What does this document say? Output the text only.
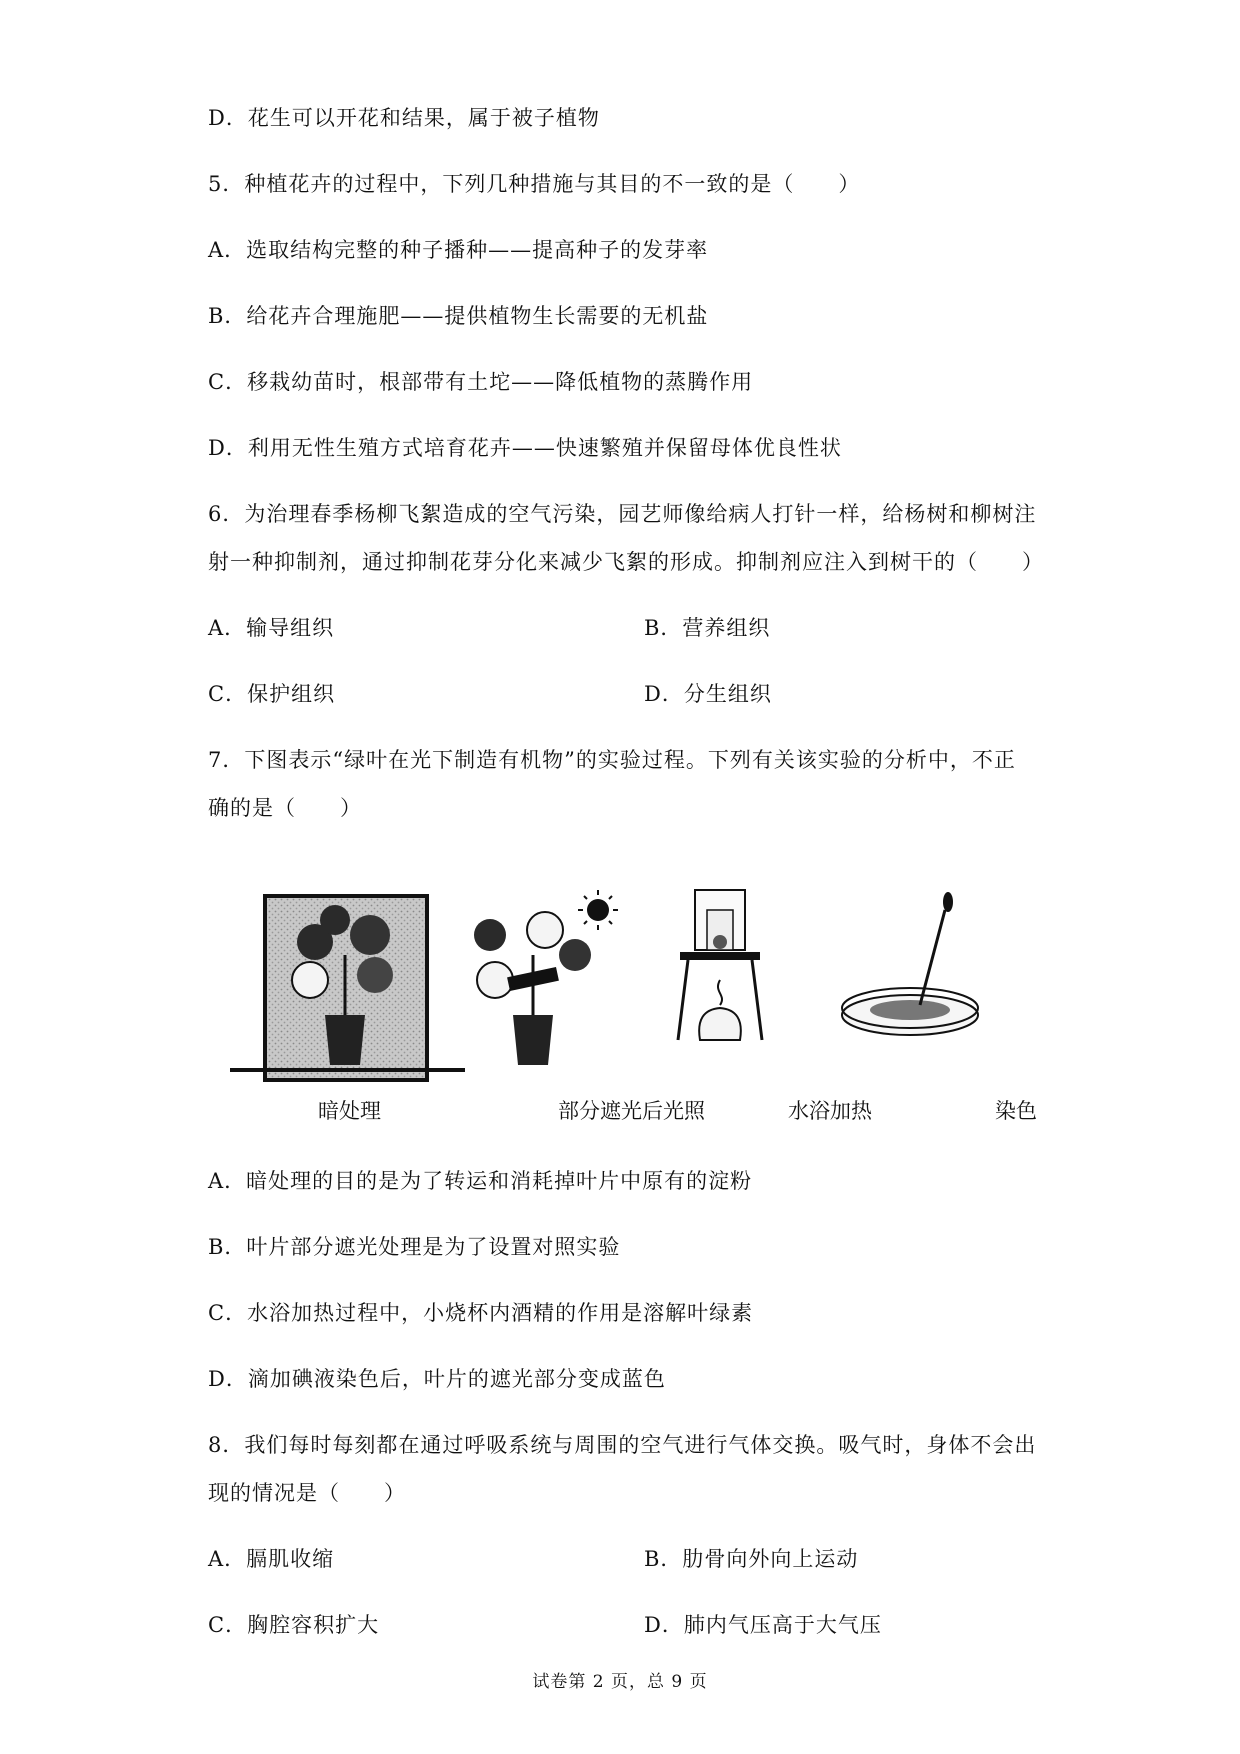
D．花生可以开花和结果，属于被子植物
5．种植花卉的过程中，下列几种措施与其目的不一致的是（　　）
A．选取结构完整的种子播种——提高种子的发芽率
B．给花卉合理施肥——提供植物生长需要的无机盐
C．移栽幼苗时，根部带有土坨——降低植物的蒸腾作用
D．利用无性生殖方式培育花卉——快速繁殖并保留母体优良性状
6．为治理春季杨柳飞絮造成的空气污染，园艺师像给病人打针一样，给杨树和柳树注
射一种抑制剂，通过抑制花芽分化来减少飞絮的形成。抑制剂应注入到树干的（　　）
A．输导组织	B．营养组织
C．保护组织	D．分生组织
7．下图表示“绿叶在光下制造有机物”的实验过程。下列有关该实验的分析中，不正
确的是（　　）
暗处理	部分遮光后光照	水浴加热	染色
A．暗处理的目的是为了转运和消耗掉叶片中原有的淀粉
B．叶片部分遮光处理是为了设置对照实验
C．水浴加热过程中，小烧杯内酒精的作用是溶解叶绿素
D．滴加碘液染色后，叶片的遮光部分变成蓝色
8．我们每时每刻都在通过呼吸系统与周围的空气进行气体交换。吸气时，身体不会出
现的情况是（　　）
A．膈肌收缩	B．肋骨向外向上运动
C．胸腔容积扩大	D．肺内气压高于大气压
试卷第 2 页，总 9 页
